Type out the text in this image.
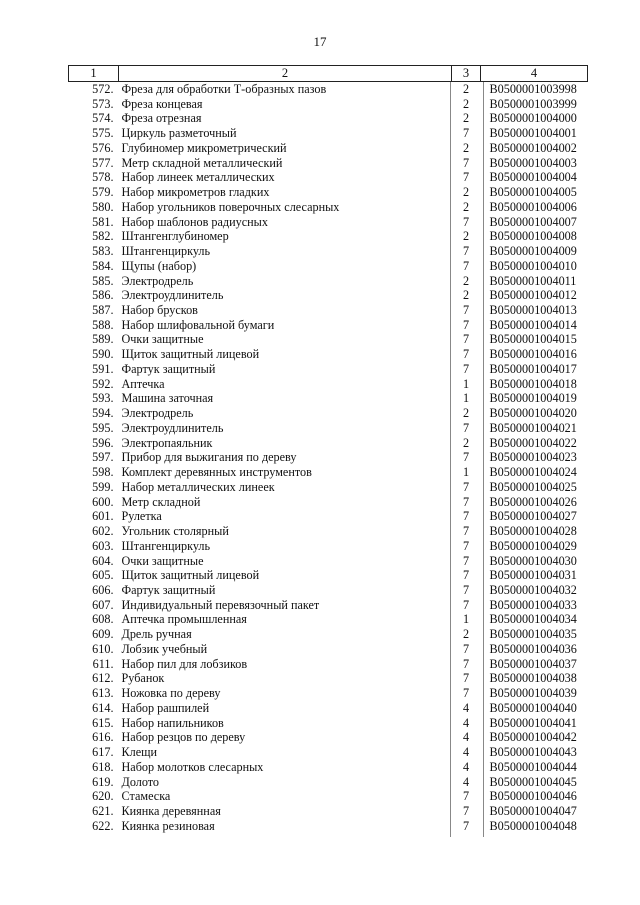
17
1	2	3	4
572.	Фреза для обработки Т-образных пазов	2	В0500001003998
573.	Фреза концевая	2	В0500001003999
574.	Фреза отрезная	2	В0500001004000
575.	Циркуль разметочный	7	В0500001004001
576.	Глубиномер микрометрический	2	В0500001004002
577.	Метр складной металлический	7	В0500001004003
578.	Набор линеек металлических	7	В0500001004004
579.	Набор микрометров гладких	2	В0500001004005
580.	Набор угольников поверочных слесарных	2	В0500001004006
581.	Набор шаблонов радиусных	7	В0500001004007
582.	Штангенглубиномер	2	В0500001004008
583.	Штангенциркуль	7	В0500001004009
584.	Щупы (набор)	7	В0500001004010
585.	Электродрель	2	В0500001004011
586.	Электроудлинитель	2	В0500001004012
587.	Набор брусков	7	В0500001004013
588.	Набор шлифовальной бумаги	7	В0500001004014
589.	Очки защитные	7	В0500001004015
590.	Щиток защитный лицевой	7	В0500001004016
591.	Фартук защитный	7	В0500001004017
592.	Аптечка	1	В0500001004018
593.	Машина заточная	1	В0500001004019
594.	Электродрель	2	В0500001004020
595.	Электроудлинитель	7	В0500001004021
596.	Электропаяльник	2	В0500001004022
597.	Прибор для выжигания по дереву	7	В0500001004023
598.	Комплект деревянных инструментов	1	В0500001004024
599.	Набор металлических линеек	7	В0500001004025
600.	Метр складной	7	В0500001004026
601.	Рулетка	7	В0500001004027
602.	Угольник столярный	7	В0500001004028
603.	Штангенциркуль	7	В0500001004029
604.	Очки защитные	7	В0500001004030
605.	Щиток защитный лицевой	7	В0500001004031
606.	Фартук защитный	7	В0500001004032
607.	Индивидуальный перевязочный пакет	7	В0500001004033
608.	Аптечка промышленная	1	В0500001004034
609.	Дрель ручная	2	В0500001004035
610.	Лобзик учебный	7	В0500001004036
611.	Набор пил для лобзиков	7	В0500001004037
612.	Рубанок	7	В0500001004038
613.	Ножовка по дереву	7	В0500001004039
614.	Набор рашпилей	4	В0500001004040
615.	Набор напильников	4	В0500001004041
616.	Набор резцов по дереву	4	В0500001004042
617.	Клещи	4	В0500001004043
618.	Набор молотков слесарных	4	В0500001004044
619.	Долото	4	В0500001004045
620.	Стамеска	7	В0500001004046
621.	Киянка деревянная	7	В0500001004047
622.	Киянка резиновая	7	В0500001004048
